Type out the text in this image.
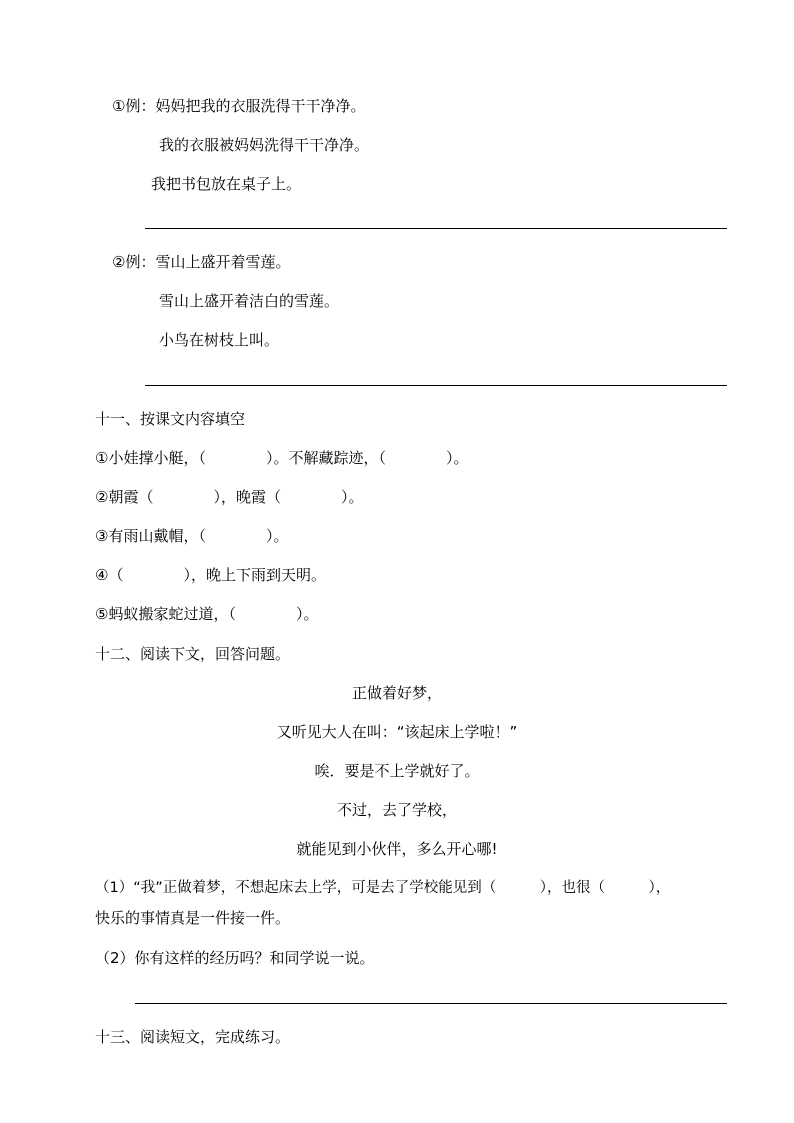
①例：妈妈把我的衣服洗得干干净净。
我的衣服被妈妈洗得干干净净。
我把书包放在桌子上。
②例：雪山上盛开着雪莲。
雪山上盛开着洁白的雪莲。
小鸟在树枝上叫。
十一、按课文内容填空
①小娃撑小艇，（　　　　）。不解藏踪迹，（　　　　）。
②朝霞（　　　　），晚霞（　　　　）。
③有雨山戴帽，（　　　　）。
④（　　　　），晚上下雨到天明。
⑤蚂蚁搬家蛇过道，（　　　　）。
十二、阅读下文，回答问题。
正做着好梦，
又听见大人在叫：“该起床上学啦！”
唉．要是不上学就好了。
不过，去了学校，
就能见到小伙伴，多么开心哪!
（1）“我”正做着梦，不想起床去上学，可是去了学校能见到（　　　），也很（　　　），
快乐的事情真是一件接一件。
（2）你有这样的经历吗？和同学说一说。
十三、阅读短文，完成练习。
